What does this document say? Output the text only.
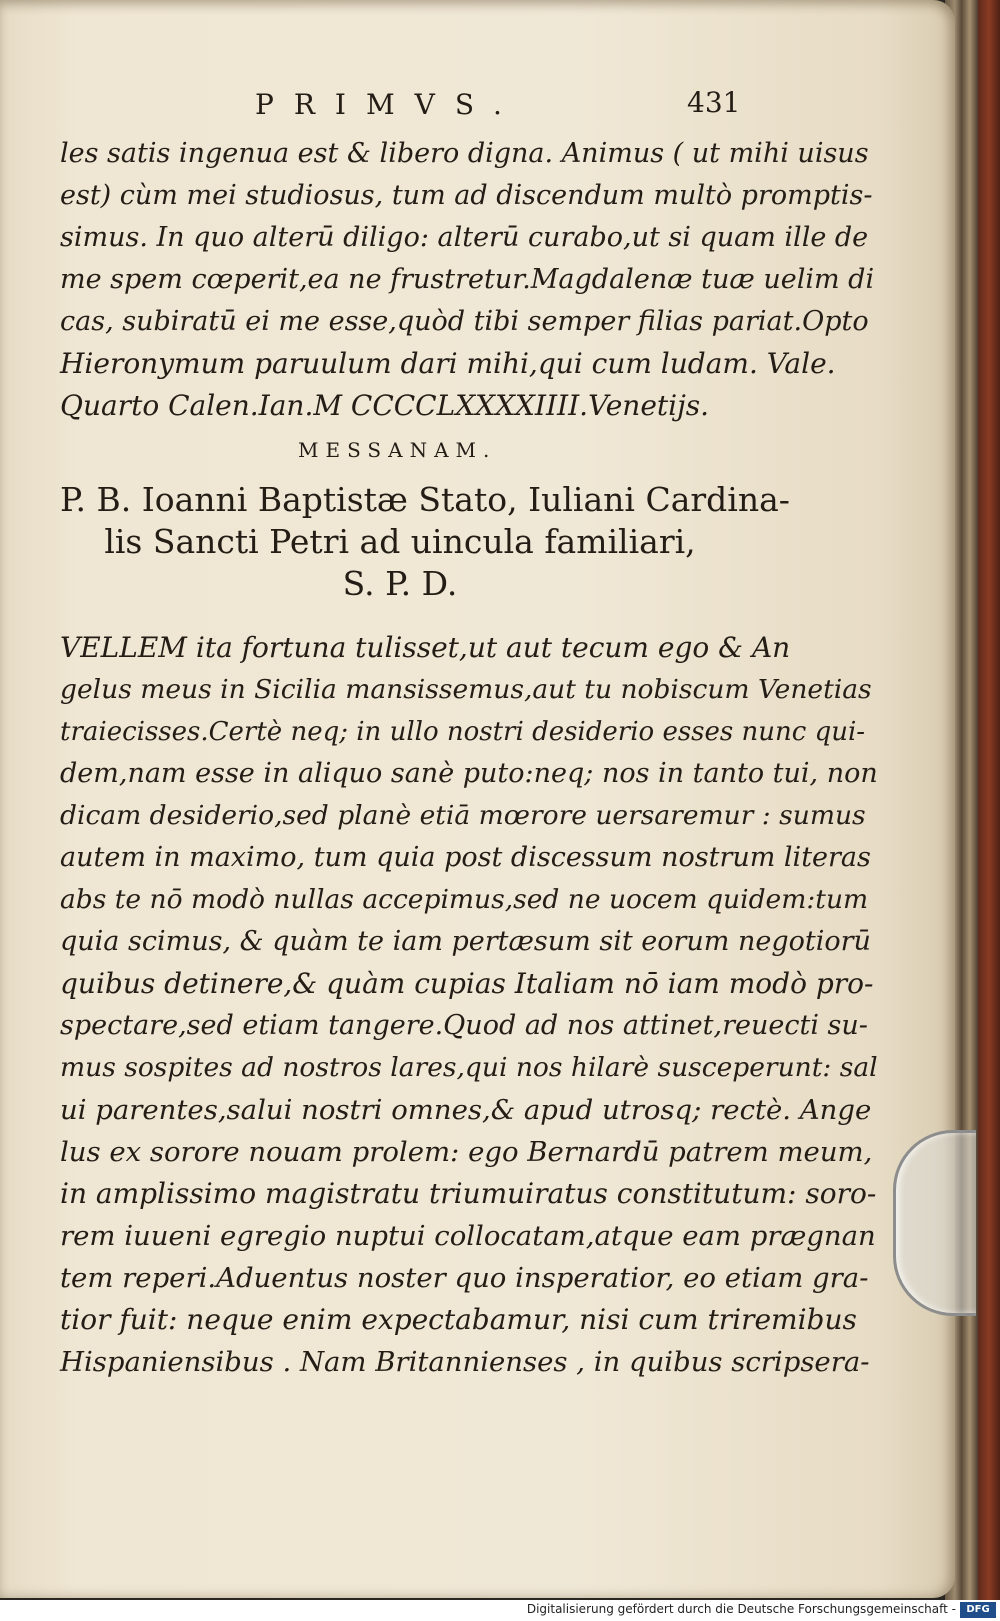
PRIMVS.	431
les satis ingenua est & libero digna. Animus ( ut mihi uisus
est) cùm mei studiosus, tum ad discendum multò promptis-
simus. In quo alterū diligo: alterū curabo,ut si quam ille de
me spem cœperit,ea ne frustretur.Magdalenæ tuæ uelim di
cas, subiratū ei me esse,quòd tibi semper filias pariat.Opto
Hieronymum paruulum dari mihi,qui cum ludam. Vale.
Quarto Calen.Ian.M CCCCLXXXXIIII.Venetijs.
MESSANAM.
P. B. Ioanni Baptistæ Stato, Iuliani Cardina-
lis Sancti Petri ad uincula familiari,
S. P. D.
VELLEM ita fortuna tulisset,ut aut tecum ego & An
gelus meus in Sicilia mansissemus,aut tu nobiscum Venetias
traiecisses.Certè neq; in ullo nostri desiderio esses nunc qui-
dem,nam esse in aliquo sanè puto:neq; nos in tanto tui, non
dicam desiderio,sed planè etiā mœrore uersaremur : sumus
autem in maximo, tum quia post discessum nostrum literas
abs te nō modò nullas accepimus,sed ne uocem quidem:tum
quia scimus, & quàm te iam pertæsum sit eorum negotiorū
quibus detinere,& quàm cupias Italiam nō iam modò pro-
spectare,sed etiam tangere.Quod ad nos attinet,reuecti su-
mus sospites ad nostros lares,qui nos hilarè susceperunt: sal
ui parentes,salui nostri omnes,& apud utrosq; rectè. Ange
lus ex sorore nouam prolem: ego Bernardū patrem meum,
in amplissimo magistratu triumuiratus constitutum: soro-
rem iuueni egregio nuptui collocatam,atque eam prægnan
tem reperi.Aduentus noster quo insperatior, eo etiam gra-
tior fuit: neque enim expectabamur, nisi cum triremibus
Hispaniensibus . Nam Britannienses , in quibus scripsera-
Digitalisierung gefördert durch die Deutsche Forschungsgemeinschaft -	DFG
